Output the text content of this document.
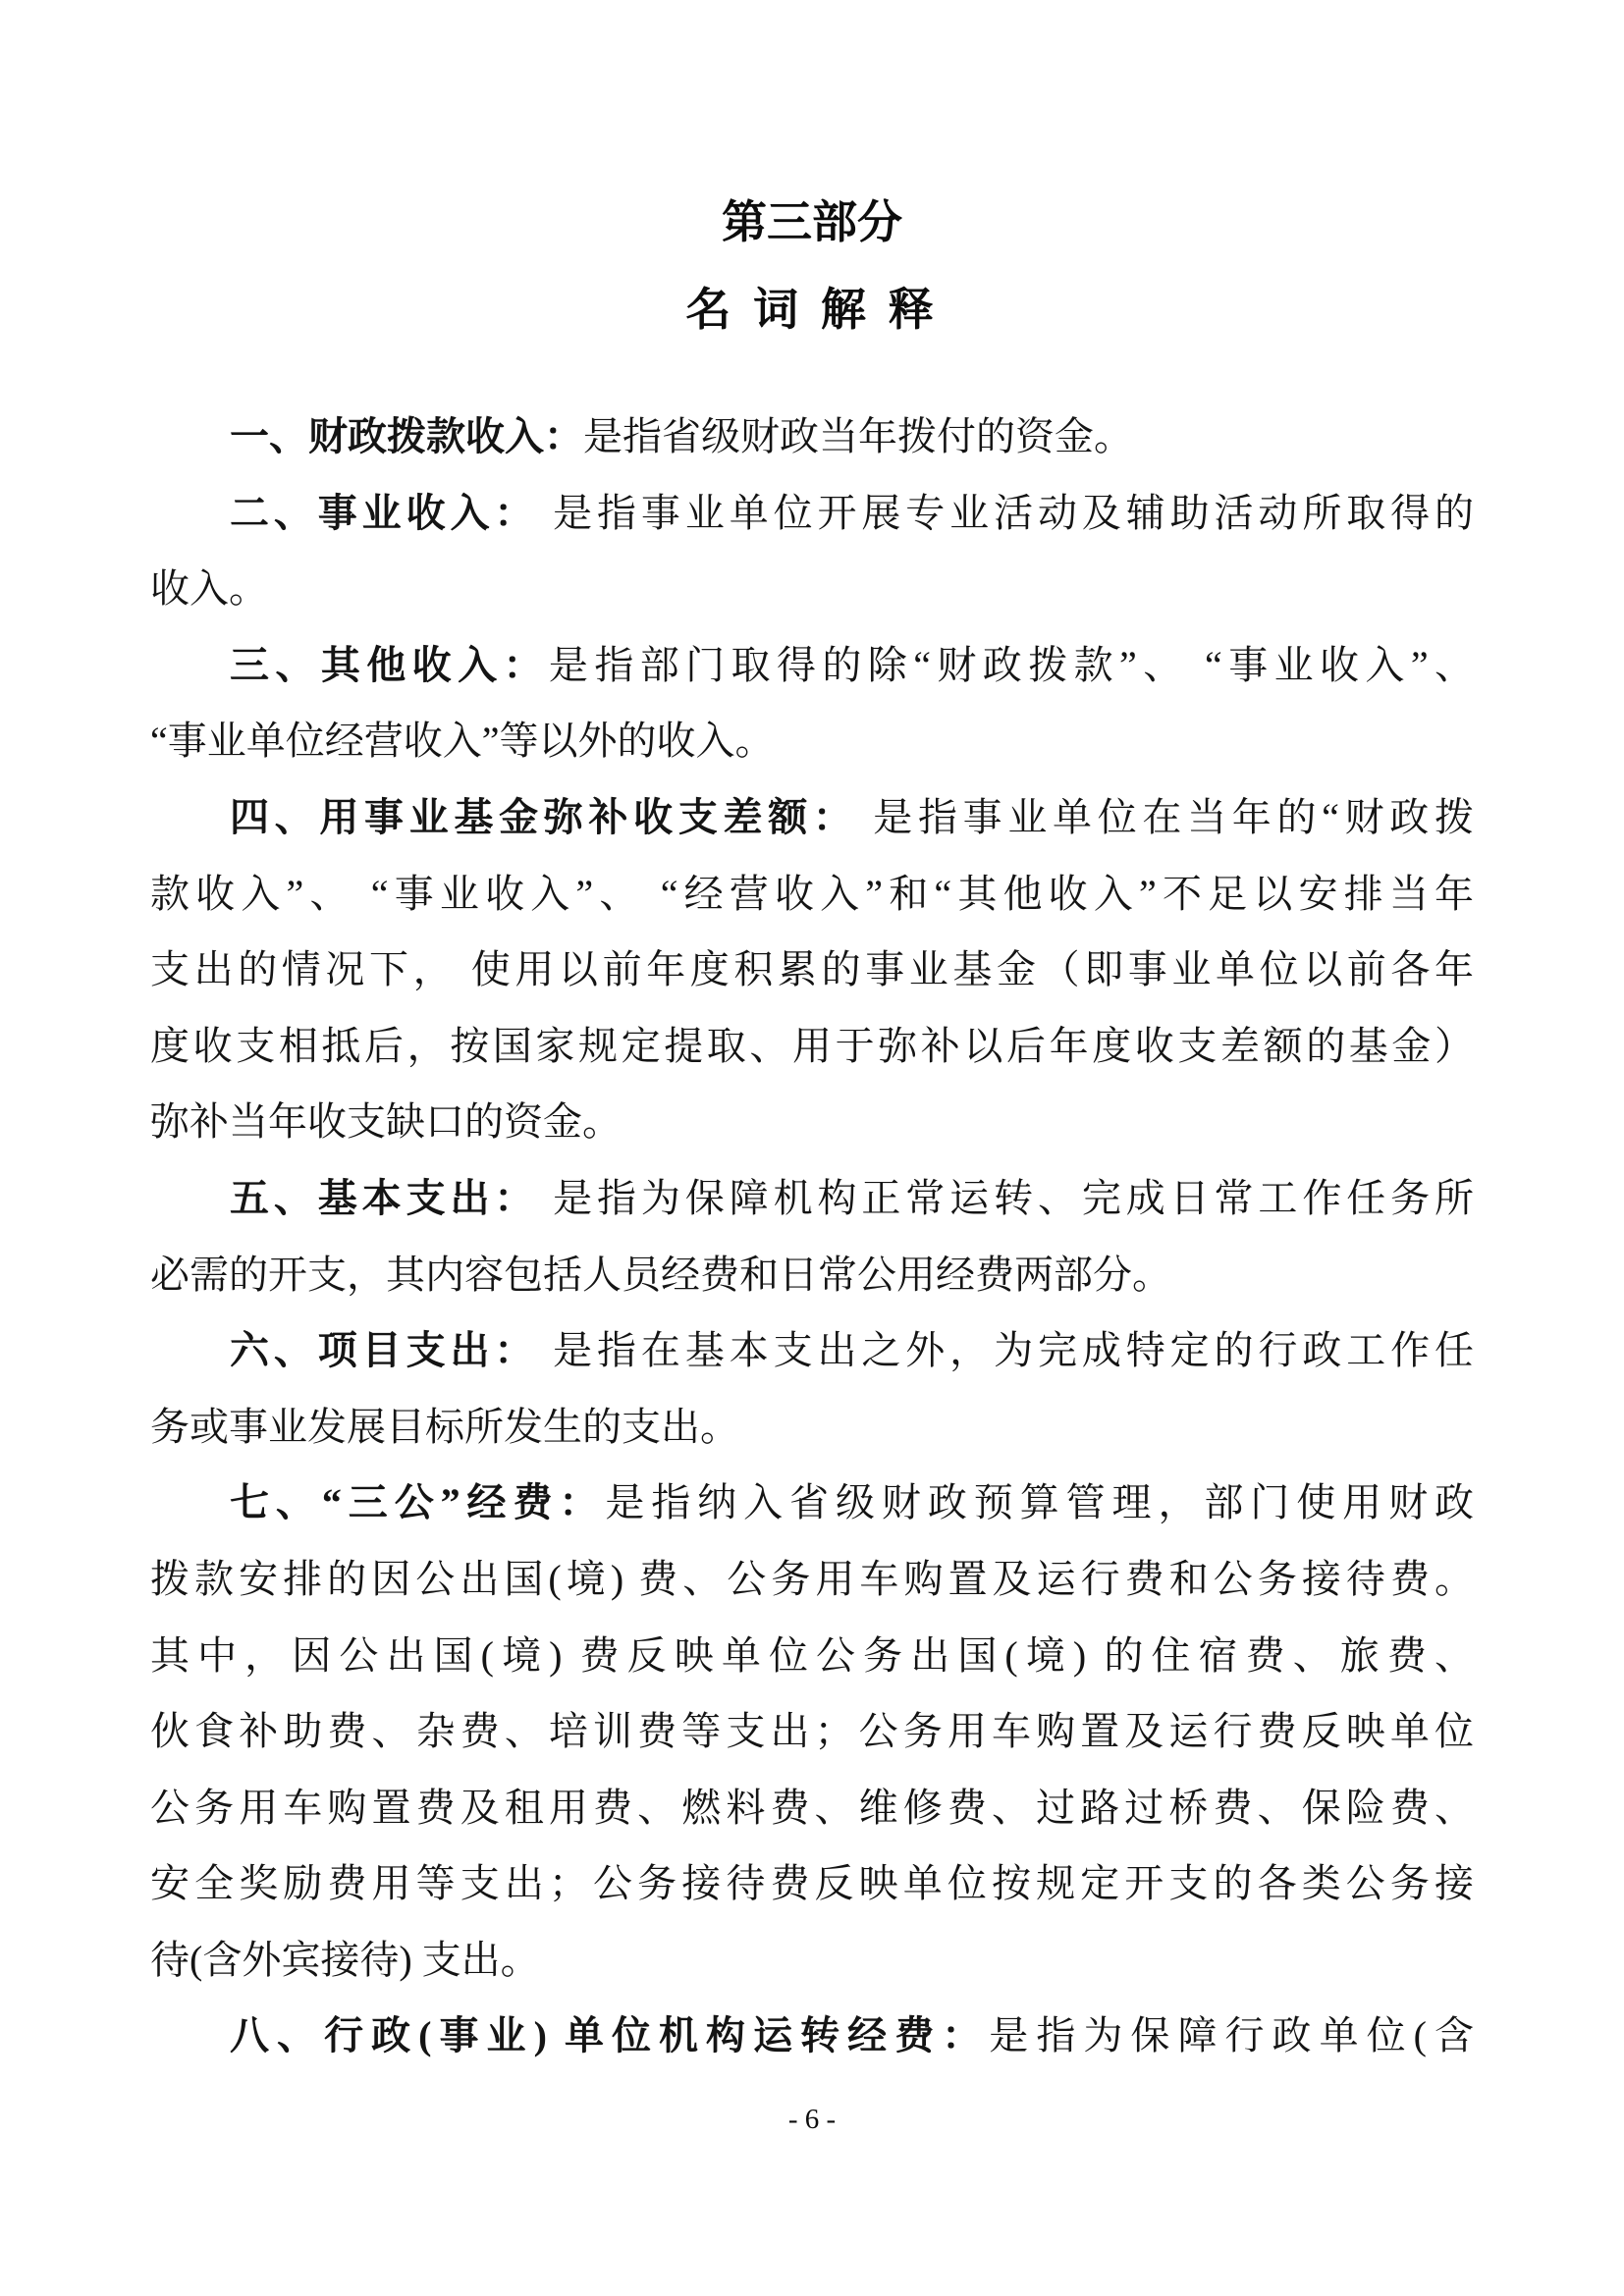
第三部分
名 词 解 释
一、财政拨款收入：是指省级财政当年拨付的资金。
二、事业收入： 是指事业单位开展专业活动及辅助活动所取得的
收入。
三、其他收入：是指部门取得的除“财政拨款”、 “事业收入”、
“事业单位经营收入”等以外的收入。
四、用事业基金弥补收支差额： 是指事业单位在当年的“财政拨
款收入”、 “事业收入”、 “经营收入”和“其他收入”不足以安排当年
支出的情况下， 使用以前年度积累的事业基金（即事业单位以前各年
度收支相抵后，按国家规定提取、用于弥补以后年度收支差额的基金）
弥补当年收支缺口的资金。
五、基本支出： 是指为保障机构正常运转、完成日常工作任务所
必需的开支，其内容包括人员经费和日常公用经费两部分。
六、项目支出： 是指在基本支出之外，为完成特定的行政工作任
务或事业发展目标所发生的支出。
七、“三公”经费：是指纳入省级财政预算管理，部门使用财政
拨款安排的因公出国(境) 费、公务用车购置及运行费和公务接待费。
其中，因公出国(境) 费反映单位公务出国(境) 的住宿费、旅费、
伙食补助费、杂费、培训费等支出；公务用车购置及运行费反映单位
公务用车购置费及租用费、燃料费、维修费、过路过桥费、保险费、
安全奖励费用等支出；公务接待费反映单位按规定开支的各类公务接
待(含外宾接待) 支出。
八、行政(事业) 单位机构运转经费：是指为保障行政单位(含
- 6 -
